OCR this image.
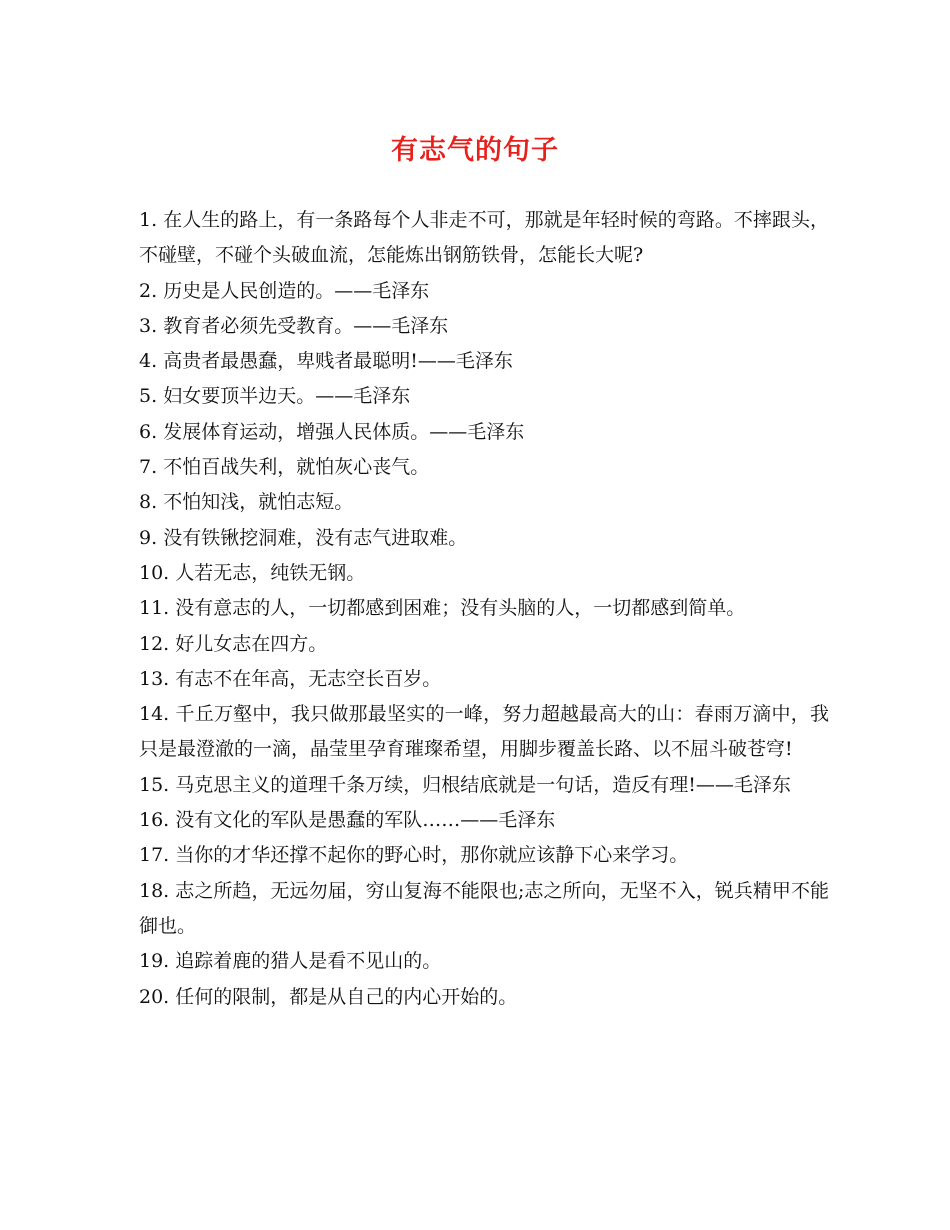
有志气的句子

1. 在人生的路上，有一条路每个人非走不可，那就是年轻时候的弯路。不摔跟头，不碰壁，不碰个头破血流，怎能炼出钢筋铁骨，怎能长大呢?

2. 历史是人民创造的。——毛泽东

3. 教育者必须先受教育。——毛泽东

4. 高贵者最愚蠢，卑贱者最聪明!——毛泽东

5. 妇女要顶半边天。——毛泽东

6. 发展体育运动，增强人民体质。——毛泽东

7. 不怕百战失利，就怕灰心丧气。

8. 不怕知浅，就怕志短。

9. 没有铁锹挖洞难，没有志气进取难。

10. 人若无志，纯铁无钢。

11. 没有意志的人，一切都感到困难；没有头脑的人，一切都感到简单。

12. 好儿女志在四方。

13. 有志不在年高，无志空长百岁。

14. 千丘万壑中，我只做那最坚实的一峰，努力超越最高大的山：春雨万滴中，我只是最澄澈的一滴，晶莹里孕育璀璨希望，用脚步覆盖长路、以不屈斗破苍穹!

15. 马克思主义的道理千条万续，归根结底就是一句话，造反有理!——毛泽东

16. 没有文化的军队是愚蠢的军队……——毛泽东

17. 当你的才华还撑不起你的野心时，那你就应该静下心来学习。

18. 志之所趋，无远勿届，穷山复海不能限也;志之所向，无坚不入，锐兵精甲不能御也。

19. 追踪着鹿的猎人是看不见山的。

20. 任何的限制，都是从自己的内心开始的。
